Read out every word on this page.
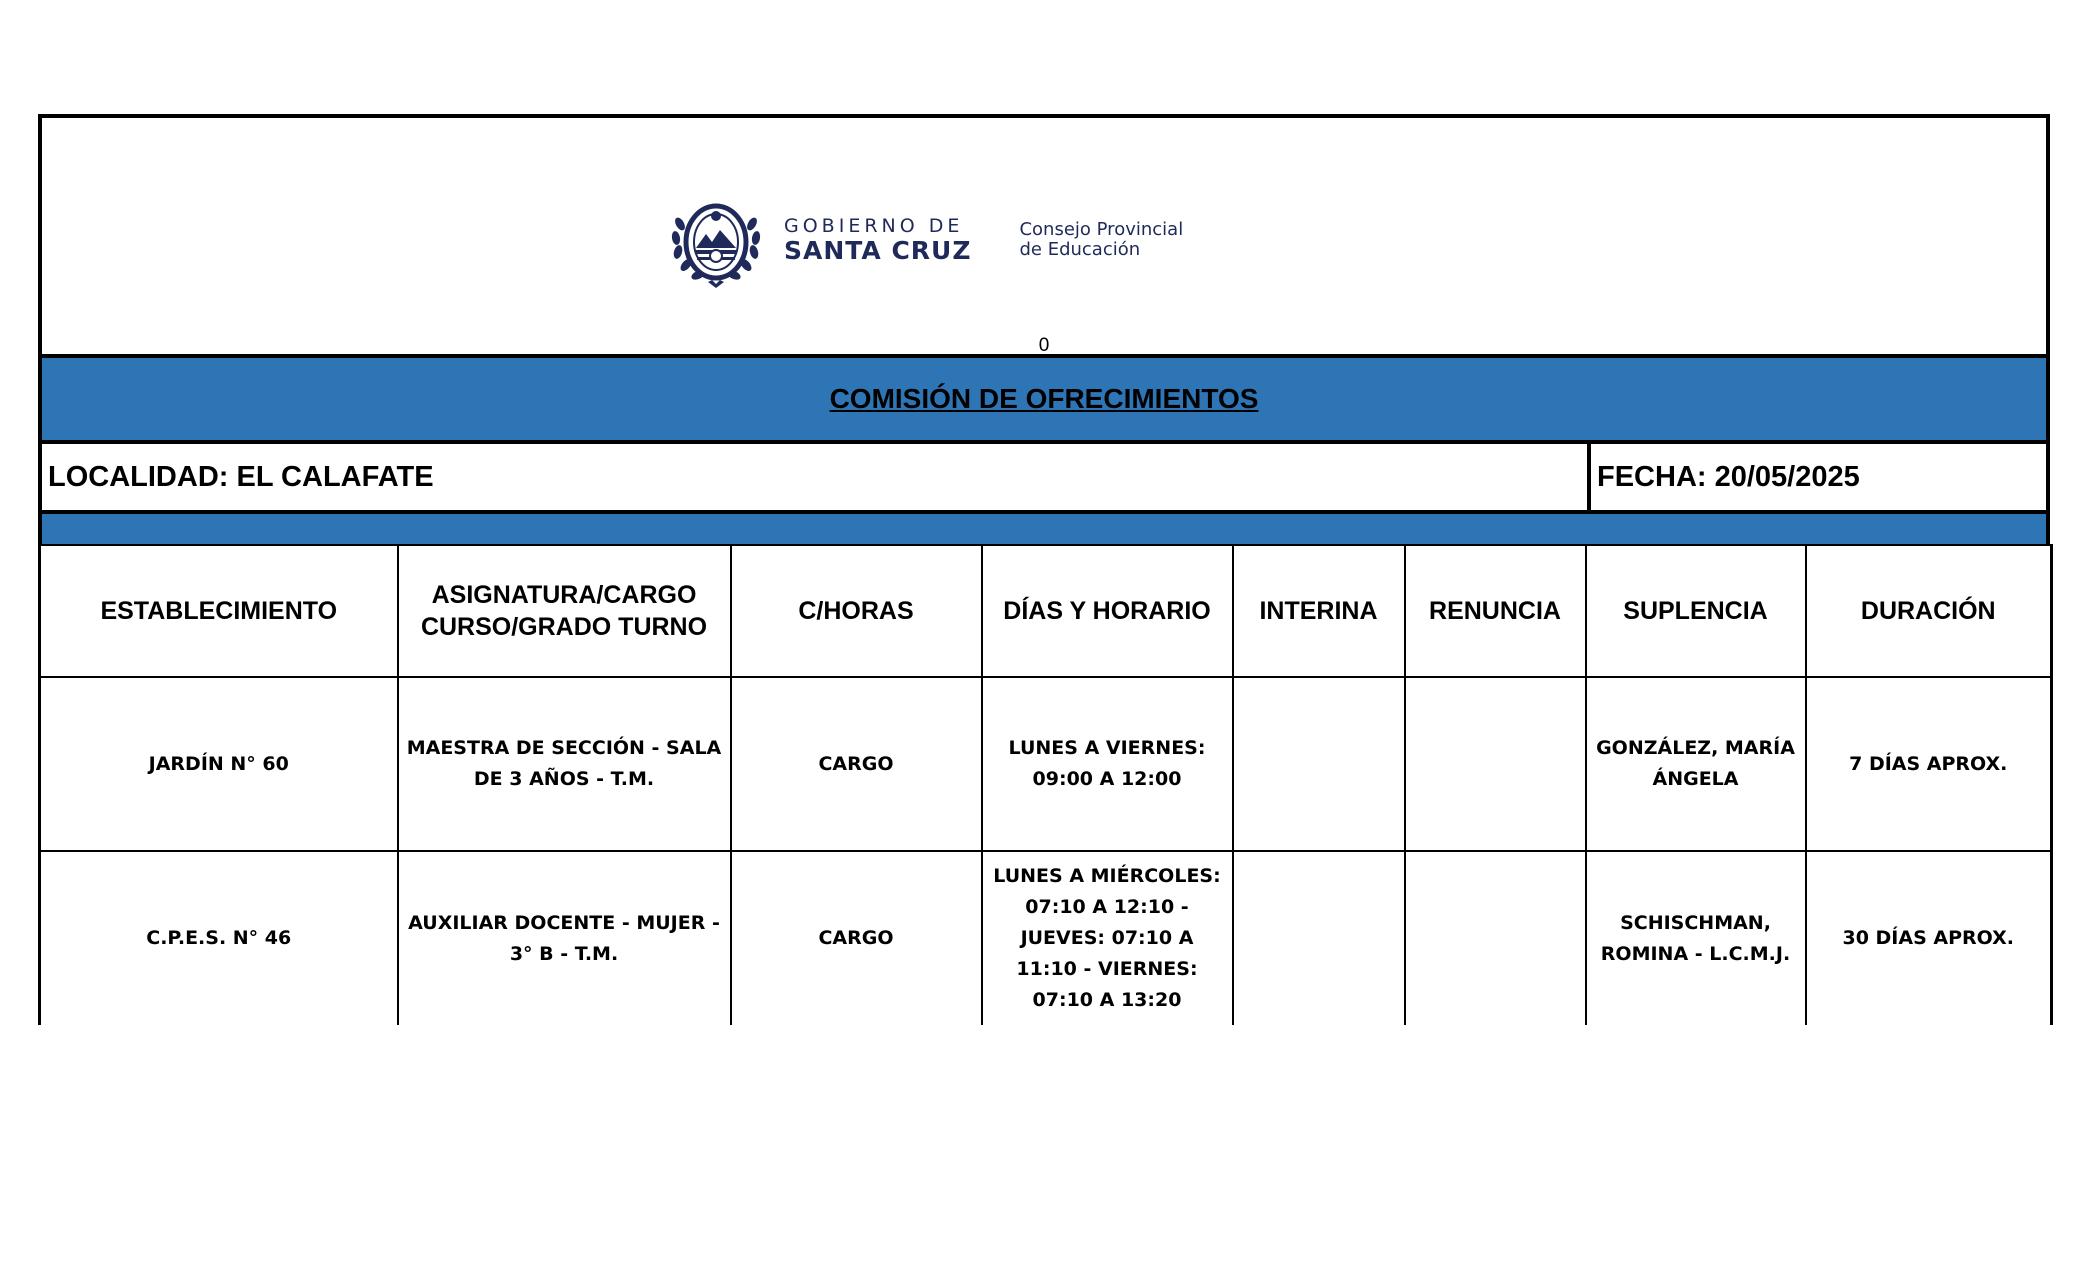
GOBIERNO DE
SANTA CRUZ
Consejo Provincial
de Educación
0
COMISIÓN DE OFRECIMIENTOS
LOCALIDAD: EL CALAFATE	FECHA: 20/05/2025
ESTABLECIMIENTO	ASIGNATURA/CARGO CURSO/GRADO TURNO	C/HORAS	DÍAS Y HORARIO	INTERINA	RENUNCIA	SUPLENCIA	DURACIÓN
JARDÍN N° 60	MAESTRA DE SECCIÓN - SALA DE 3 AÑOS - T.M.	CARGO	LUNES A VIERNES: 09:00 A 12:00			GONZÁLEZ, MARÍA ÁNGELA	7 DÍAS APROX.
C.P.E.S. N° 46	AUXILIAR DOCENTE - MUJER - 3° B - T.M.	CARGO	LUNES A MIÉRCOLES: 07:10 A 12:10 - JUEVES: 07:10 A 11:10 - VIERNES: 07:10 A 13:20			SCHISCHMAN, ROMINA - L.C.M.J.	30 DÍAS APROX.
